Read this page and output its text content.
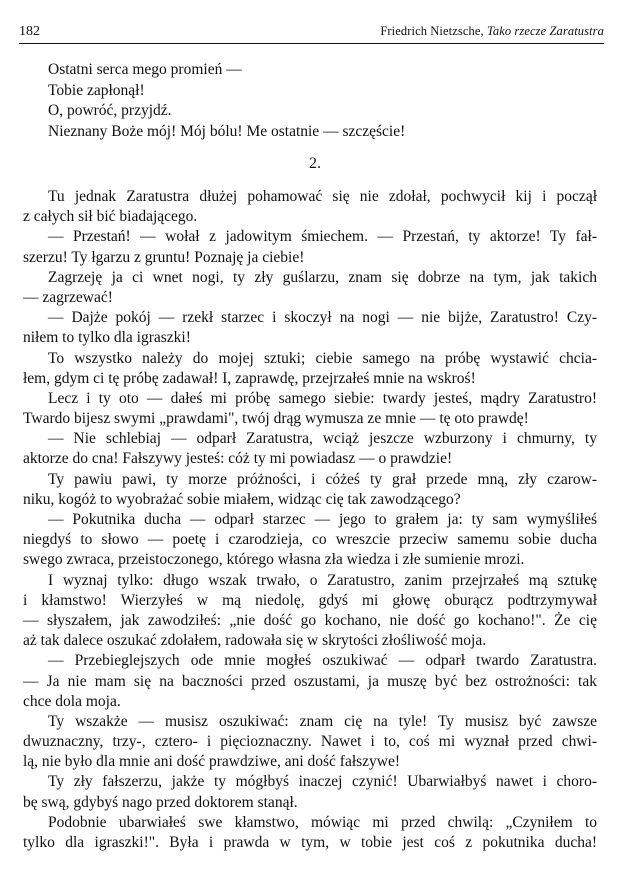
182	Friedrich Nietzsche, Tako rzecze Zaratustra
Ostatni serca mego promień —
Tobie zapłonął!
O, powróć, przyjdź.
Nieznany Boże mój! Mój bólu! Me ostatnie — szczęście!
2.
Tu jednak Zaratustra dłużej pohamować się nie zdołał, pochwycił kij i począł
z całych sił bić biadającego.
— Przestań! — wołał z jadowitym śmiechem. — Przestań, ty aktorze! Ty fał-
szerzu! Ty łgarzu z gruntu! Poznaję ja ciebie!
Zagrzeję ja ci wnet nogi, ty zły guślarzu, znam się dobrze na tym, jak takich
— zagrzewać!
— Dajże pokój — rzekł starzec i skoczył na nogi — nie bijże, Zaratustro! Czy-
niłem to tylko dla igraszki!
To wszystko należy do mojej sztuki; ciebie samego na próbę wystawić chcia-
łem, gdym ci tę próbę zadawał! I, zaprawdę, przejrzałeś mnie na wskroś!
Lecz i ty oto — dałeś mi próbę samego siebie: twardy jesteś, mądry Zaratustro!
Twardo bijesz swymi „prawdami", twój drąg wymusza ze mnie — tę oto prawdę!
— Nie schlebiaj — odparł Zaratustra, wciąż jeszcze wzburzony i chmurny, ty
aktorze do cna! Fałszywy jesteś: cóż ty mi powiadasz — o prawdzie!
Ty pawiu pawi, ty morze próżności, i cóżeś ty grał przede mną, zły czarow-
niku, kogóż to wyobrażać sobie miałem, widząc cię tak zawodzącego?
— Pokutnika ducha — odparł starzec — jego to grałem ja: ty sam wymyśliłeś
niegdyś to słowo — poetę i czarodzieja, co wreszcie przeciw samemu sobie ducha
swego zwraca, przeistoczonego, którego własna zła wiedza i złe sumienie mrozi.
I wyznaj tylko: długo wszak trwało, o Zaratustro, zanim przejrzałeś mą sztukę
i kłamstwo! Wierzyłeś w mą niedolę, gdyś mi głowę oburącz podtrzymywał
— słyszałem, jak zawodziłeś: „nie dość go kochano, nie dość go kochano!". Że cię
aż tak dalece oszukać zdołałem, radowała się w skrytości złośliwość moja.
— Przebieglejszych ode mnie mogłeś oszukiwać — odparł twardo Zaratustra.
— Ja nie mam się na baczności przed oszustami, ja muszę być bez ostrożności: tak
chce dola moja.
Ty wszakże — musisz oszukiwać: znam cię na tyle! Ty musisz być zawsze
dwuznaczny, trzy-, cztero- i pięcioznaczny. Nawet i to, coś mi wyznał przed chwi-
lą, nie było dla mnie ani dość prawdziwe, ani dość fałszywe!
Ty zły fałszerzu, jakże ty mógłbyś inaczej czynić! Ubarwiałbyś nawet i choro-
bę swą, gdybyś nago przed doktorem stanął.
Podobnie ubarwiałeś swe kłamstwo, mówiąc mi przed chwilą: „Czyniłem to
tylko dla igraszki!". Była i prawda w tym, w tobie jest coś z pokutnika ducha!
